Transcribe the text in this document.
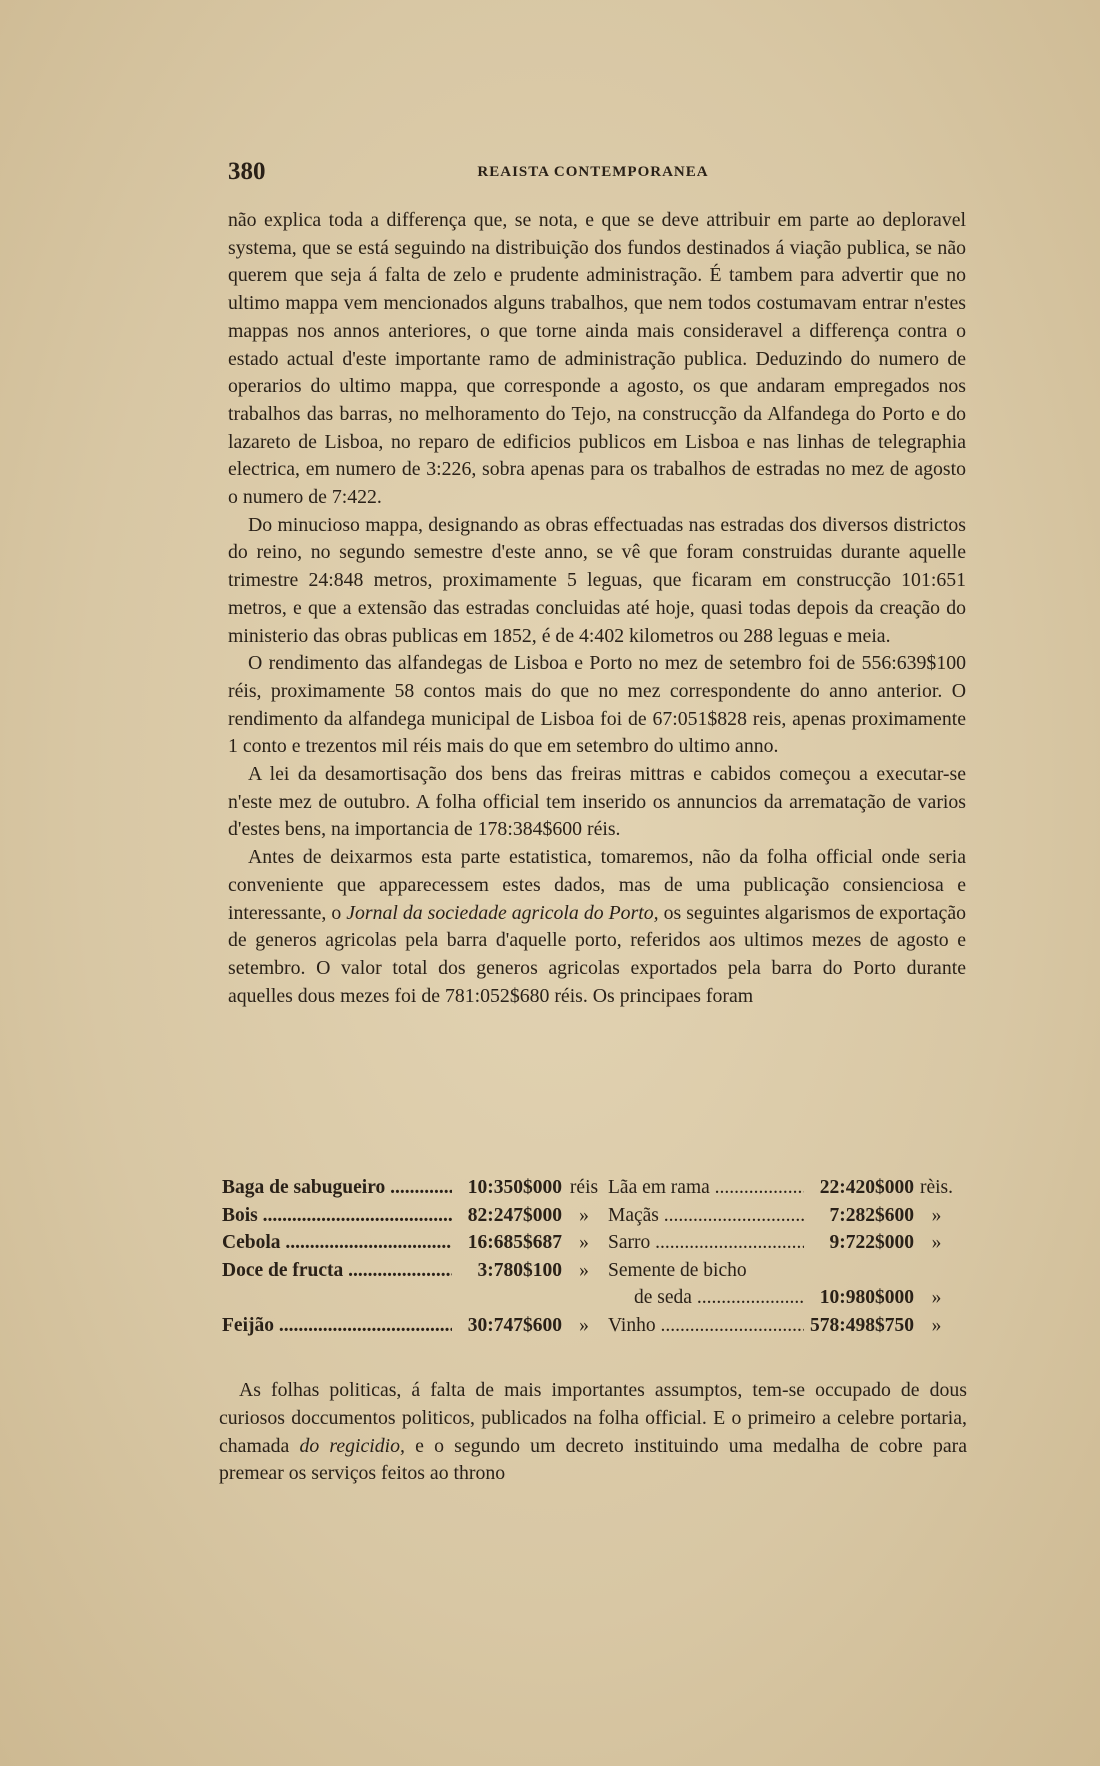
380	REAISTA CONTEMPORANEA

não explica toda a differença que, se nota, e que se deve attribuir em parte ao deploravel systema, que se está seguindo na distribuição dos fundos destinados á viação publica, se não querem que seja á falta de zelo e prudente administração. É tambem para advertir que no ultimo mappa vem mencionados alguns trabalhos, que nem todos costumavam entrar n'estes mappas nos annos anteriores, o que torne ainda mais consideravel a differença contra o estado actual d'este importante ramo de administração publica. Deduzindo do numero de operarios do ultimo mappa, que corresponde a agosto, os que andaram empregados nos trabalhos das barras, no melhoramento do Tejo, na construcção da Alfandega do Porto e do lazareto de Lisboa, no reparo de edificios publicos em Lisboa e nas linhas de telegraphia electrica, em numero de 3:226, sobra apenas para os trabalhos de estradas no mez de agosto o numero de 7:422.

Do minucioso mappa, designando as obras effectuadas nas estradas dos diversos districtos do reino, no segundo semestre d'este anno, se vê que foram construidas durante aquelle trimestre 24:848 metros, proximamente 5 leguas, que ficaram em construcção 101:651 metros, e que a extensão das estradas concluidas até hoje, quasi todas depois da creação do ministerio das obras publicas em 1852, é de 4:402 kilometros ou 288 leguas e meia.

O rendimento das alfandegas de Lisboa e Porto no mez de setembro foi de 556:639$100 réis, proximamente 58 contos mais do que no mez correspondente do anno anterior. O rendimento da alfandega municipal de Lisboa foi de 67:051$828 reis, apenas proximamente 1 conto e trezentos mil réis mais do que em setembro do ultimo anno.

A lei da desamortisação dos bens das freiras mittras e cabidos começou a executar-se n'este mez de outubro. A folha official tem inserido os annuncios da arrematação de varios d'estes bens, na importancia de 178:384$600 réis.

Antes de deixarmos esta parte estatistica, tomaremos, não da folha official onde seria conveniente que apparecessem estes dados, mas de uma publicação consienciosa e interessante, o Jornal da sociedade agricola do Porto, os seguintes algarismos de exportação de generos agricolas pela barra d'aquelle porto, referidos aos ultimos mezes de agosto e setembro. O valor total dos generos agricolas exportados pela barra do Porto durante aquelles dous mezes foi de 781:052$680 réis. Os principaes foram

Baga de sabugueiro .....	10:350$000 réis Lãa em rama .....	22:420$000 rèis.
Bois .....	82:247$000 » Maçãs .....	7:282$600 »
Cebola .....	16:685$687 » Sarro .....	9:722$000 »
Doce de fructa .....	3:780$100 » Semente de bicho
de seda .....	10:980$000 »
Feijão .....	30:747$600 » Vinho .....	578:498$750 »

As folhas politicas, á falta de mais importantes assumptos, tem-se occupado de dous curiosos doccumentos politicos, publicados na folha official. E o primeiro a celebre portaria, chamada do regicidio, e o segundo um decreto instituindo uma medalha de cobre para premear os serviços feitos ao throno
